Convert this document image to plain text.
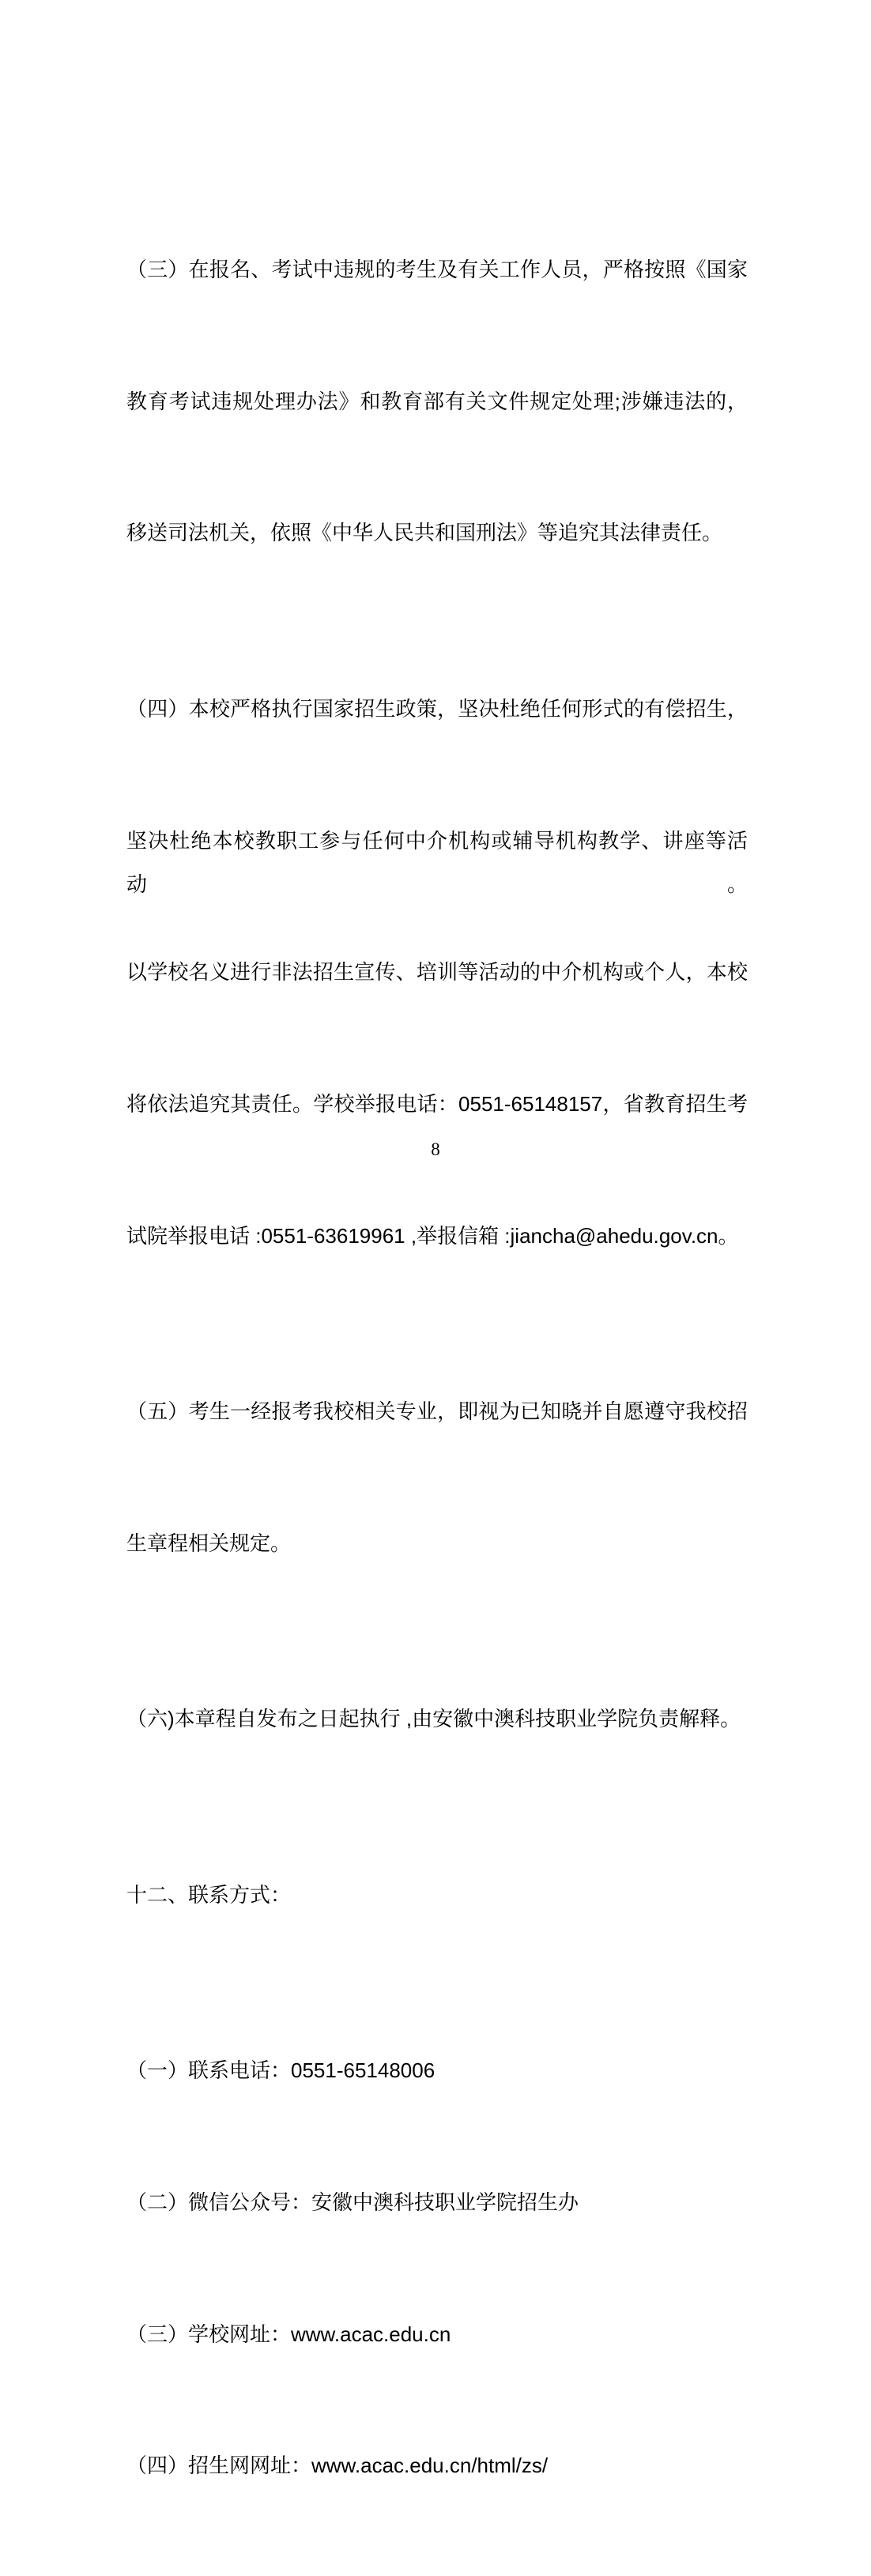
（三）在报名、考试中违规的考生及有关工作人员，严格按照《国家

教育考试违规处理办法》和教育部有关文件规定处理;涉嫌违法的，

移送司法机关，依照《中华人民共和国刑法》等追究其法律责任。

（四）本校严格执行国家招生政策，坚决杜绝任何形式的有偿招生，

坚决杜绝本校教职工参与任何中介机构或辅导机构教学、讲座等活动。

以学校名义进行非法招生宣传、培训等活动的中介机构或个人，本校

将依法追究其责任。学校举报电话：0551-65148157，省教育招生考

试院举报电话 :0551-63619961 ,举报信箱 :jiancha@ahedu.gov.cn。

（五）考生一经报考我校相关专业，即视为已知晓并自愿遵守我校招

生章程相关规定。

（六)本章程自发布之日起执行 ,由安徽中澳科技职业学院负责解释。

十二、联系方式：

（一）联系电话：0551-65148006

（二）微信公众号：安徽中澳科技职业学院招生办

（三）学校网址：www.acac.edu.cn

（四）招生网网址：www.acac.edu.cn/html/zs/

8
